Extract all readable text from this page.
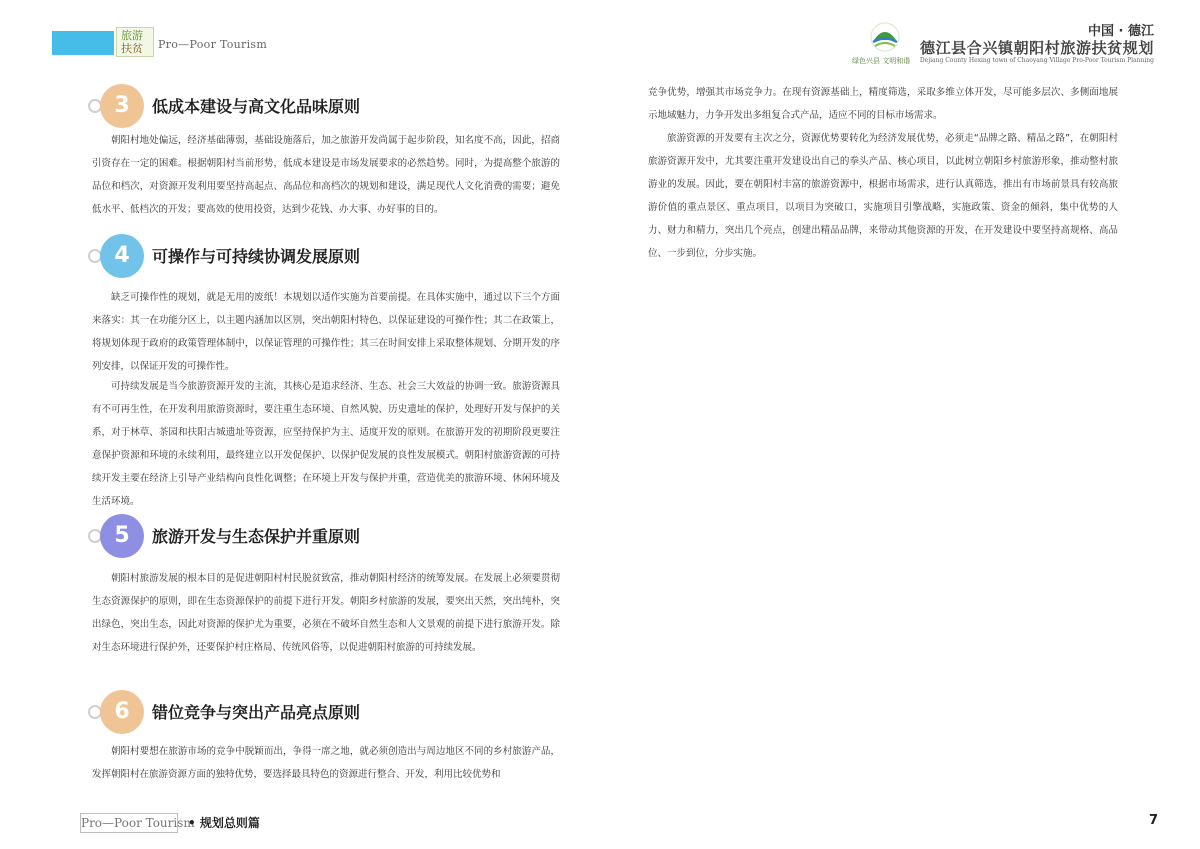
旅游
扶贫 Pro—Poor Tourism
绿色兴县 文明和谐
中国 · 德江
德江县合兴镇朝阳村旅游扶贫规划
Dejiang County Hexing town of Chaoyang Village Pro-Poor Tourism Planning
3	低成本建设与高文化品味原则

朝阳村地处偏远，经济基础薄弱，基础设施落后，加之旅游开发尚属于起步阶段，知名度不高，因此，招商引资存在一定的困难。根据朝阳村当前形势，低成本建设是市场发展要求的必然趋势。同时，为提高整个旅游的品位和档次，对资源开发利用要坚持高起点、高品位和高档次的规划和建设，满足现代人文化消费的需要；避免低水平、低档次的开发；要高效的使用投资，达到少花钱、办大事、办好事的目的。

4	可操作与可持续协调发展原则

缺乏可操作性的规划，就是无用的废纸！本规划以适作实施为首要前提。在具体实施中，通过以下三个方面来落实：其一在功能分区上，以主题内涵加以区别，突出朝阳村特色，以保证建设的可操作性；其二在政策上，将规划体现于政府的政策管理体制中，以保证管理的可操作性；其三在时间安排上采取整体规划、分期开发的序列安排，以保证开发的可操作性。

可持续发展是当今旅游资源开发的主流，其核心是追求经济、生态、社会三大效益的协调一致。旅游资源具有不可再生性，在开发利用旅游资源时，要注重生态环境、自然风貌、历史遗址的保护，处理好开发与保护的关系，对于林草、茶园和扶阳古城遗址等资源，应坚持保护为主、适度开发的原则。在旅游开发的初期阶段更要注意保护资源和环境的永续利用，最终建立以开发促保护、以保护促发展的良性发展模式。朝阳村旅游资源的可持续开发主要在经济上引导产业结构向良性化调整；在环境上开发与保护并重，营造优美的旅游环境、休闲环境及生活环境。

5	旅游开发与生态保护并重原则

朝阳村旅游发展的根本目的是促进朝阳村村民脱贫致富，推动朝阳村经济的统筹发展。在发展上必须要贯彻生态资源保护的原则，即在生态资源保护的前提下进行开发。朝阳乡村旅游的发展，要突出天然，突出纯朴，突出绿色，突出生态，因此对资源的保护尤为重要，必须在不破坏自然生态和人文景观的前提下进行旅游开发。除对生态环境进行保护外，还要保护村庄格局、传统风俗等，以促进朝阳村旅游的可持续发展。

6	错位竞争与突出产品亮点原则

朝阳村要想在旅游市场的竞争中脱颖而出，争得一席之地，就必须创造出与周边地区不同的乡村旅游产品，发挥朝阳村在旅游资源方面的独特优势，要选择最具特色的资源进行整合、开发，利用比较优势和

竞争优势，增强其市场竞争力。在现有资源基础上，精度筛选，采取多维立体开发，尽可能多层次、多侧面地展示地域魅力，力争开发出多组复合式产品，适应不同的目标市场需求。

旅游资源的开发要有主次之分，资源优势要转化为经济发展优势，必须走“品牌之路、精品之路”，在朝阳村旅游资源开发中，尤其要注重开发建设出自己的拳头产品、核心项目，以此树立朝阳乡村旅游形象，推动整村旅游业的发展。因此，要在朝阳村丰富的旅游资源中，根据市场需求，进行认真筛选，推出有市场前景具有较高旅游价值的重点景区、重点项目，以项目为突破口，实施项目引擎战略，实施政策、资金的倾斜，集中优势的人力、财力和精力，突出几个亮点，创建出精品品牌，来带动其他资源的开发，在开发建设中要坚持高规格、高品位、一步到位，分步实施。

Pro—Poor Tourism
• 规划总则篇	7
